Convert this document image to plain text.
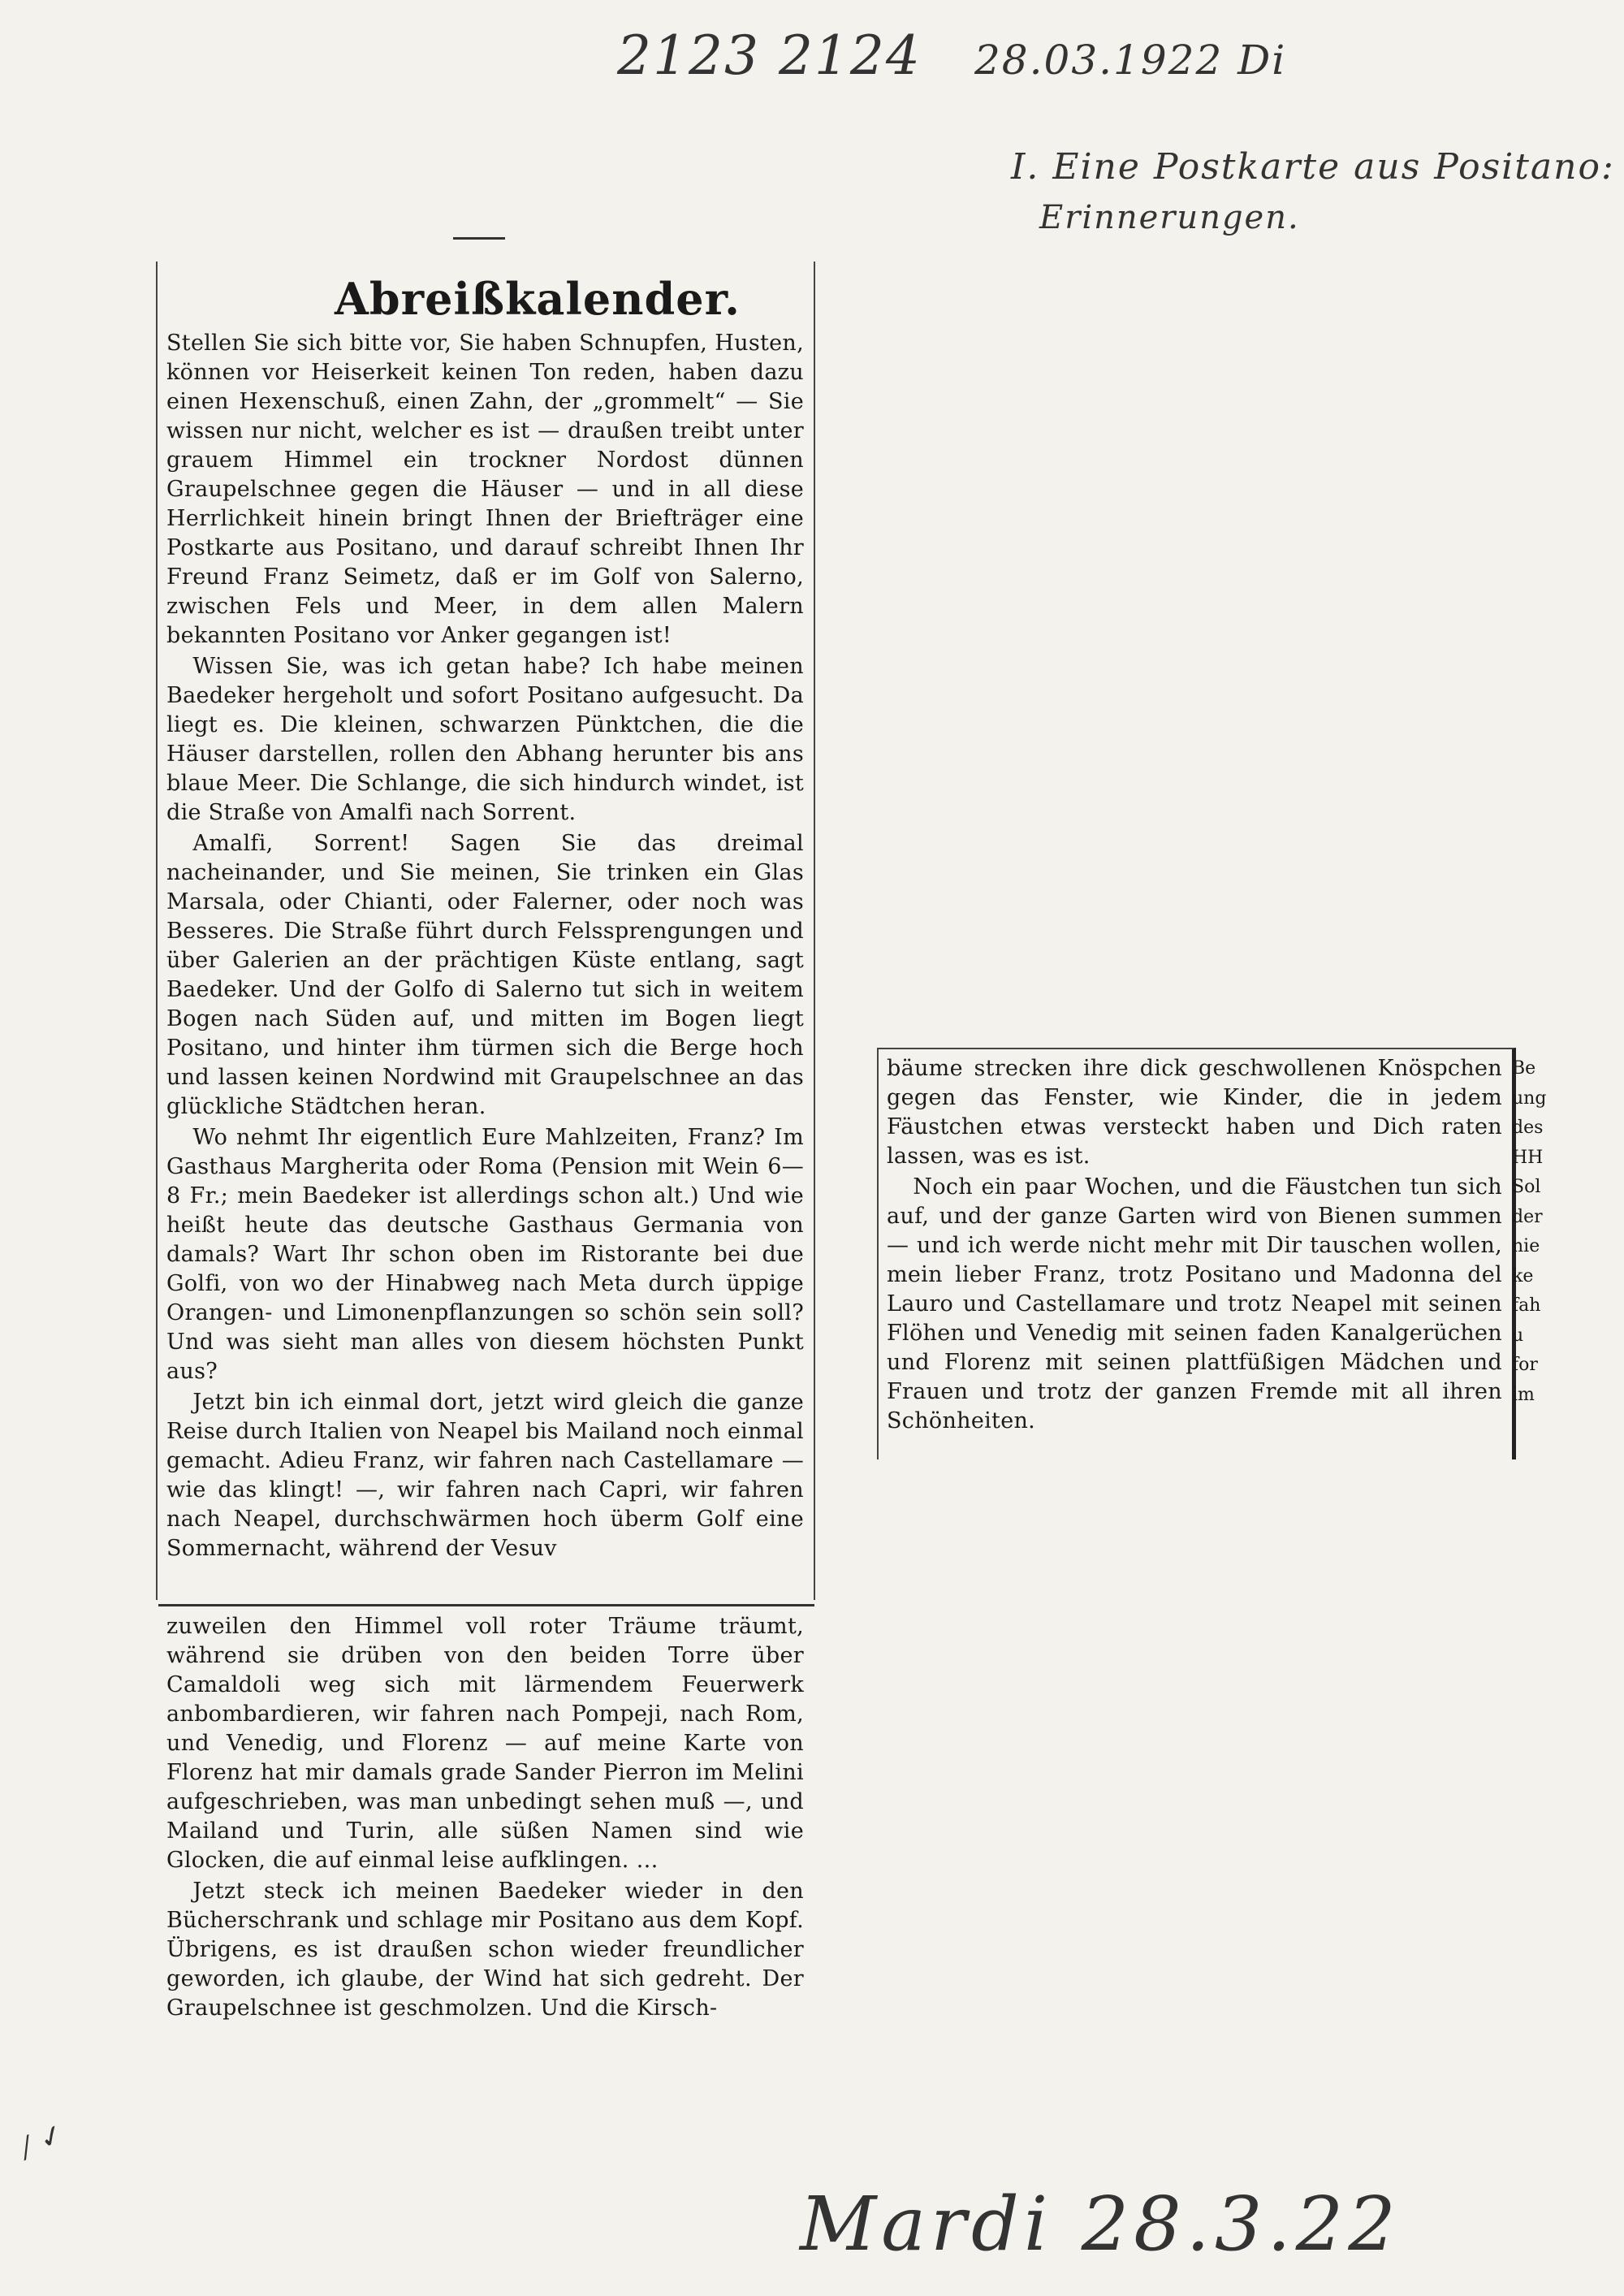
2123 2124 28.03.1922 Di
I. Eine Postkarte aus Positano:
Erinnerungen.
⁄ ✓
Abreißkalender.

Stellen Sie sich bitte vor, Sie haben Schnupfen, Husten, können vor Heiserkeit keinen Ton reden, haben dazu einen Hexenschuß, einen Zahn, der „grommelt“ — Sie wissen nur nicht, welcher es ist — draußen treibt unter grauem Himmel ein trockner Nordost dünnen Graupelschnee gegen die Häuser — und in all diese Herrlichkeit hinein bringt Ihnen der Briefträger eine Postkarte aus Positano, und darauf schreibt Ihnen Ihr Freund Franz Seimetz, daß er im Golf von Salerno, zwischen Fels und Meer, in dem allen Malern bekannten Positano vor Anker gegangen ist!

Wissen Sie, was ich getan habe? Ich habe meinen Baedeker hergeholt und sofort Positano aufgesucht. Da liegt es. Die kleinen, schwarzen Pünktchen, die die Häuser darstellen, rollen den Abhang herunter bis ans blaue Meer. Die Schlange, die sich hindurch windet, ist die Straße von Amalfi nach Sorrent.

Amalfi, Sorrent! Sagen Sie das dreimal nacheinander, und Sie meinen, Sie trinken ein Glas Marsala, oder Chianti, oder Falerner, oder noch was Besseres. Die Straße führt durch Felssprengungen und über Galerien an der prächtigen Küste entlang, sagt Baedeker. Und der Golfo di Salerno tut sich in weitem Bogen nach Süden auf, und mitten im Bogen liegt Positano, und hinter ihm türmen sich die Berge hoch und lassen keinen Nordwind mit Graupelschnee an das glückliche Städtchen heran.

Wo nehmt Ihr eigentlich Eure Mahlzeiten, Franz? Im Gasthaus Margherita oder Roma (Pension mit Wein 6—8 Fr.; mein Baedeker ist allerdings schon alt.) Und wie heißt heute das deutsche Gasthaus Germania von damals? Wart Ihr schon oben im Ristorante bei due Golfi, von wo der Hinabweg nach Meta durch üppige Orangen- und Limonenpflanzungen so schön sein soll? Und was sieht man alles von diesem höchsten Punkt aus?

Jetzt bin ich einmal dort, jetzt wird gleich die ganze Reise durch Italien von Neapel bis Mailand noch einmal gemacht. Adieu Franz, wir fahren nach Castellamare — wie das klingt! —, wir fahren nach Capri, wir fahren nach Neapel, durchschwärmen hoch überm Golf eine Sommernacht, während der Vesuv

zuweilen den Himmel voll roter Träume träumt, während sie drüben von den beiden Torre über Camaldoli weg sich mit lärmendem Feuerwerk anbombardieren, wir fahren nach Pompeji, nach Rom, und Venedig, und Florenz — auf meine Karte von Florenz hat mir damals grade Sander Pierron im Melini aufgeschrieben, was man unbedingt sehen muß —, und Mailand und Turin, alle süßen Namen sind wie Glocken, die auf einmal leise aufklingen. …

Jetzt steck ich meinen Baedeker wieder in den Bücherschrank und schlage mir Positano aus dem Kopf. Übrigens, es ist draußen schon wieder freundlicher geworden, ich glaube, der Wind hat sich gedreht. Der Graupelschnee ist geschmolzen. Und die Kirsch-

bäume strecken ihre dick geschwollenen Knöspchen gegen das Fenster, wie Kinder, die in jedem Fäustchen etwas versteckt haben und Dich raten lassen, was es ist.

Noch ein paar Wochen, und die Fäustchen tun sich auf, und der ganze Garten wird von Bienen summen — und ich werde nicht mehr mit Dir tauschen wollen, mein lieber Franz, trotz Positano und Madonna del Lauro und Castellamare und trotz Neapel mit seinen Flöhen und Venedig mit seinen faden Kanalgerüchen und Florenz mit seinen plattfüßigen Mädchen und Frauen und trotz der ganzen Fremde mit all ihren Schönheiten.

Be
ung
des
HH
Sol
der
nie
ke
fah
u
for
im
Mardi 28.3.22
